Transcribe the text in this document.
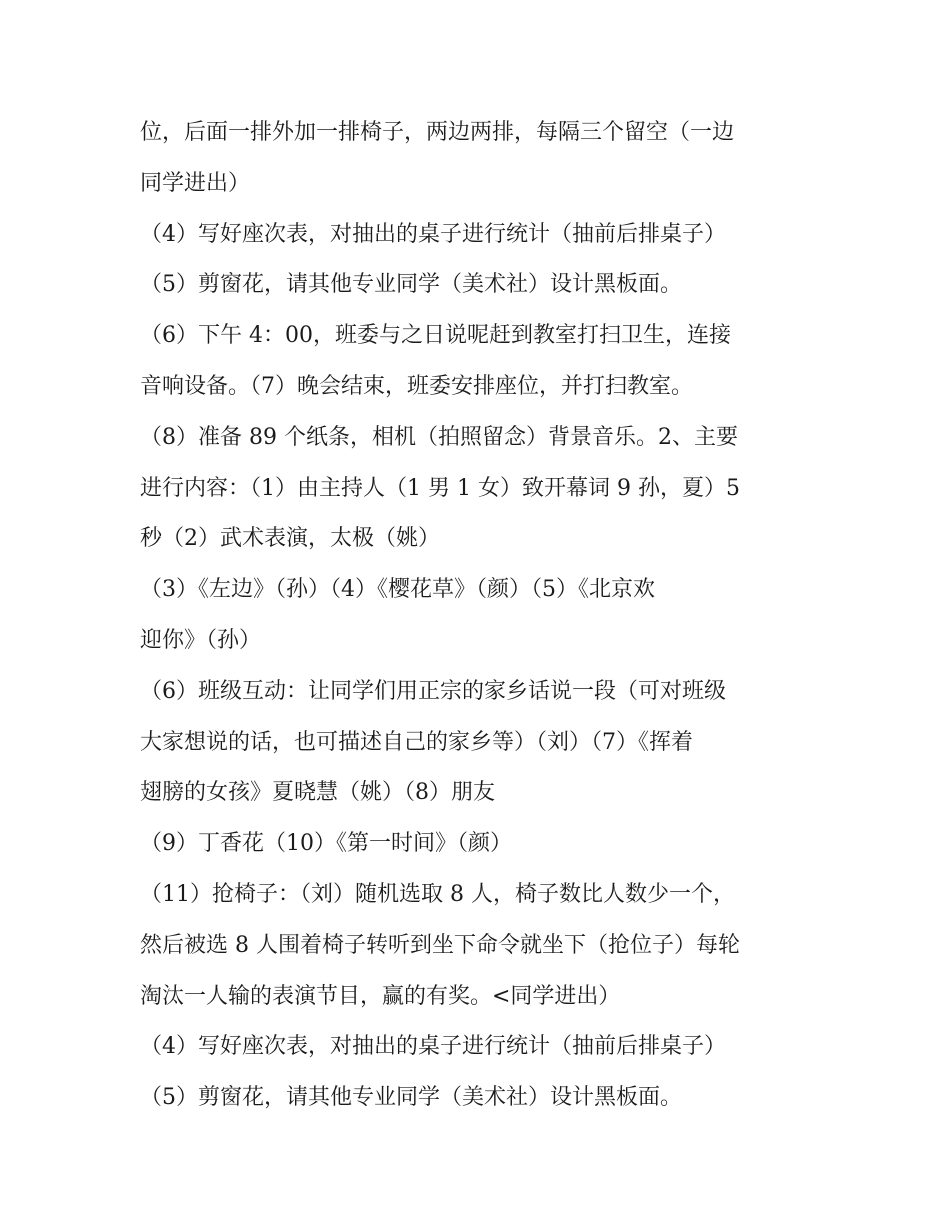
位，后面一排外加一排椅子，两边两排，每隔三个留空（一边
同学进出）
（4）写好座次表，对抽出的桌子进行统计（抽前后排桌子）
（5）剪窗花，请其他专业同学（美术社）设计黑板面。
（6）下午 4：00，班委与之日说呢赶到教室打扫卫生，连接
音响设备。（7）晚会结束，班委安排座位，并打扫教室。
（8）准备 89 个纸条，相机（拍照留念）背景音乐。2、主要
进行内容：（1）由主持人（1 男 1 女）致开幕词 9 孙，夏）5
秒（2）武术表演，太极（姚）
（3）《左边》（孙）（4）《樱花草》（颜）（5）《北京欢
迎你》（孙）
（6）班级互动：让同学们用正宗的家乡话说一段（可对班级
大家想说的话，也可描述自己的家乡等）（刘）（7）《挥着
翅膀的女孩》夏晓慧（姚）（8）朋友
（9）丁香花（10）《第一时间》（颜）
（11）抢椅子：（刘）随机选取 8 人，椅子数比人数少一个，
然后被选 8 人围着椅子转听到坐下命令就坐下（抢位子）每轮
淘汰一人输的表演节目，赢的有奖。<同学进出）
（4）写好座次表，对抽出的桌子进行统计（抽前后排桌子）
（5）剪窗花，请其他专业同学（美术社）设计黑板面。
